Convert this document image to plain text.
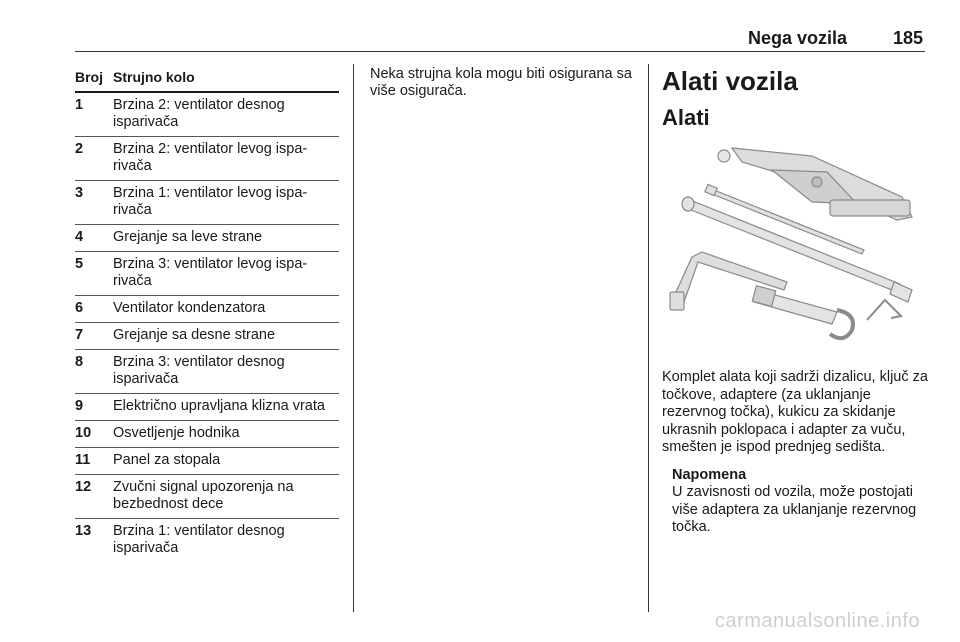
Nega vozila	185
Broj Strujno kolo
1	Brzina 2: ventilator desnog isparivača
2	Brzina 2: ventilator levog ispa-rivača
3	Brzina 1: ventilator levog ispa-rivača
4	Grejanje sa leve strane
5	Brzina 3: ventilator levog ispa-rivača
6	Ventilator kondenzatora
7	Grejanje sa desne strane
8	Brzina 3: ventilator desnog isparivača
9	Električno upravljana klizna vrata
10	Osvetljenje hodnika
11	Panel za stopala
12	Zvučni signal upozorenja na bezbednost dece
13	Brzina 1: ventilator desnog isparivača

Neka strujna kola mogu biti osigurana sa više osigurača.	Alati vozila
Alati

Komplet alata koji sadrži dizalicu, ključ za točkove, adaptere (za uklanjanje rezervnog točka), kukicu za skidanje ukrasnih poklopaca i adapter za vuču, smešten je ispod prednjeg sedišta.

Napomena
U zavisnosti od vozila, može postojati više adaptera za uklanjanje rezervnog točka.
carmanualsonline.info
